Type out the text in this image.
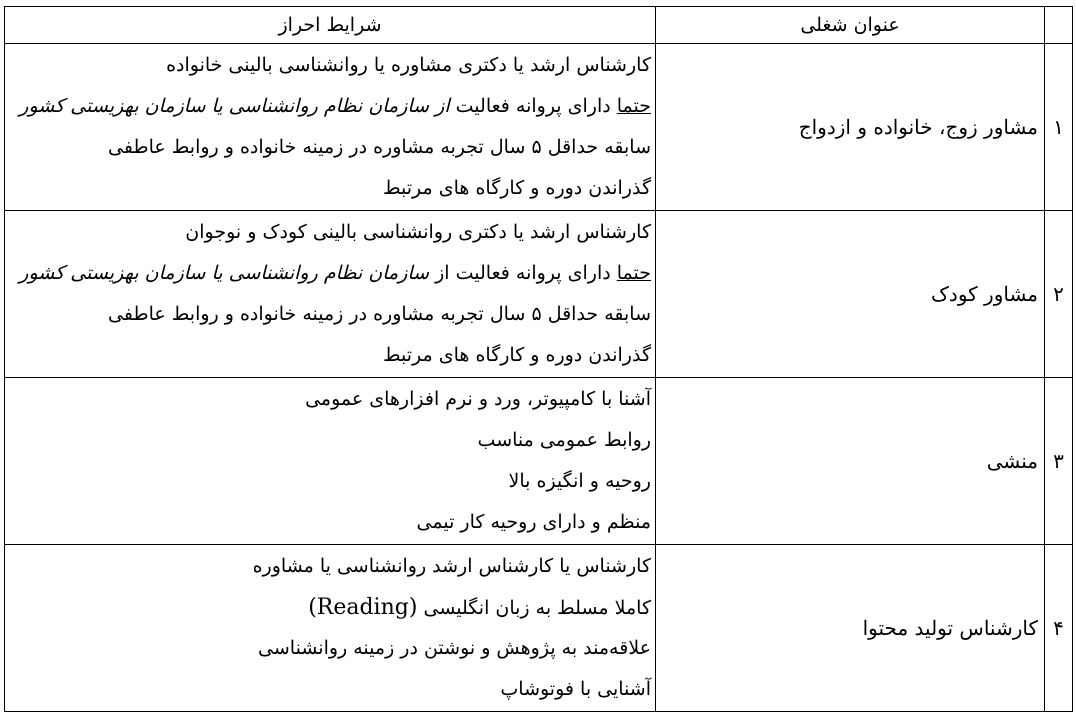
	عنوان شغلی	شرایط احراز
۱	مشاور زوج، خانواده و ازدواج	کارشناس ارشد یا دکتری مشاوره یا روانشناسی بالینی خانواده
حتما دارای پروانه فعالیت از سازمان نظام روانشناسی یا سازمان بهزیستی کشور
سابقه حداقل ۵ سال تجربه مشاوره در زمینه خانواده و روابط عاطفی
گذراندن دوره و کارگاه های مرتبط

۲	مشاور کودک	کارشناس ارشد یا دکتری روانشناسی بالینی کودک و نوجوان
حتما دارای پروانه فعالیت از سازمان نظام روانشناسی یا سازمان بهزیستی کشور
سابقه حداقل ۵ سال تجربه مشاوره در زمینه خانواده و روابط عاطفی
گذراندن دوره و کارگاه های مرتبط

۳	منشی	آشنا با کامپیوتر، ورد و نرم افزارهای عمومی
روابط عمومی مناسب
روحیه و انگیزه بالا
منظم و دارای روحیه کار تیمی

۴	کارشناس تولید محتوا	کارشناس یا کارشناس ارشد روانشناسی یا مشاوره
کاملا مسلط به زبان انگلیسی (Reading)
علاقه‌مند به پژوهش و نوشتن در زمینه روانشناسی
آشنایی با فوتوشاپ
